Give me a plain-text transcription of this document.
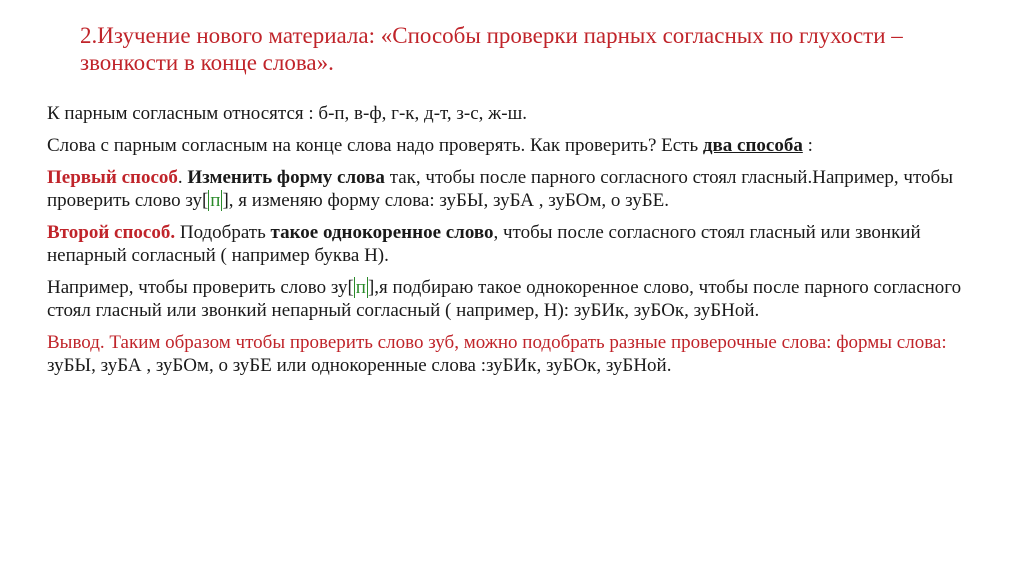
2.Изучение нового материала: «Способы проверки парных согласных по глухости – звонкости в конце слова».

К парным согласным относятся : б-п, в-ф, г-к, д-т, з-с, ж-ш.

Слова с парным согласным на конце слова надо проверять. Как проверить? Есть два способа :

Первый способ. Изменить форму слова так, чтобы после парного согласного стоял гласный.Например, чтобы проверить слово зу[ п ], я изменяю форму слова: зуБЫ, зуБА , зуБОм, о зуБЕ.

Второй способ. Подобрать такое однокоренное слово, чтобы после согласного стоял гласный или звонкий непарный согласный ( например буква Н).

Например, чтобы проверить слово зу[ п ],я подбираю такое однокоренное слово, чтобы после парного согласного стоял гласный или звонкий непарный согласный ( например, Н): зуБИк, зуБОк, зуБНой.

Вывод. Таким образом чтобы проверить слово зуб, можно подобрать разные проверочные слова: формы слова: зуБЫ, зуБА , зуБОм, о зуБЕ или однокоренные слова :зуБИк, зуБОк, зуБНой.
